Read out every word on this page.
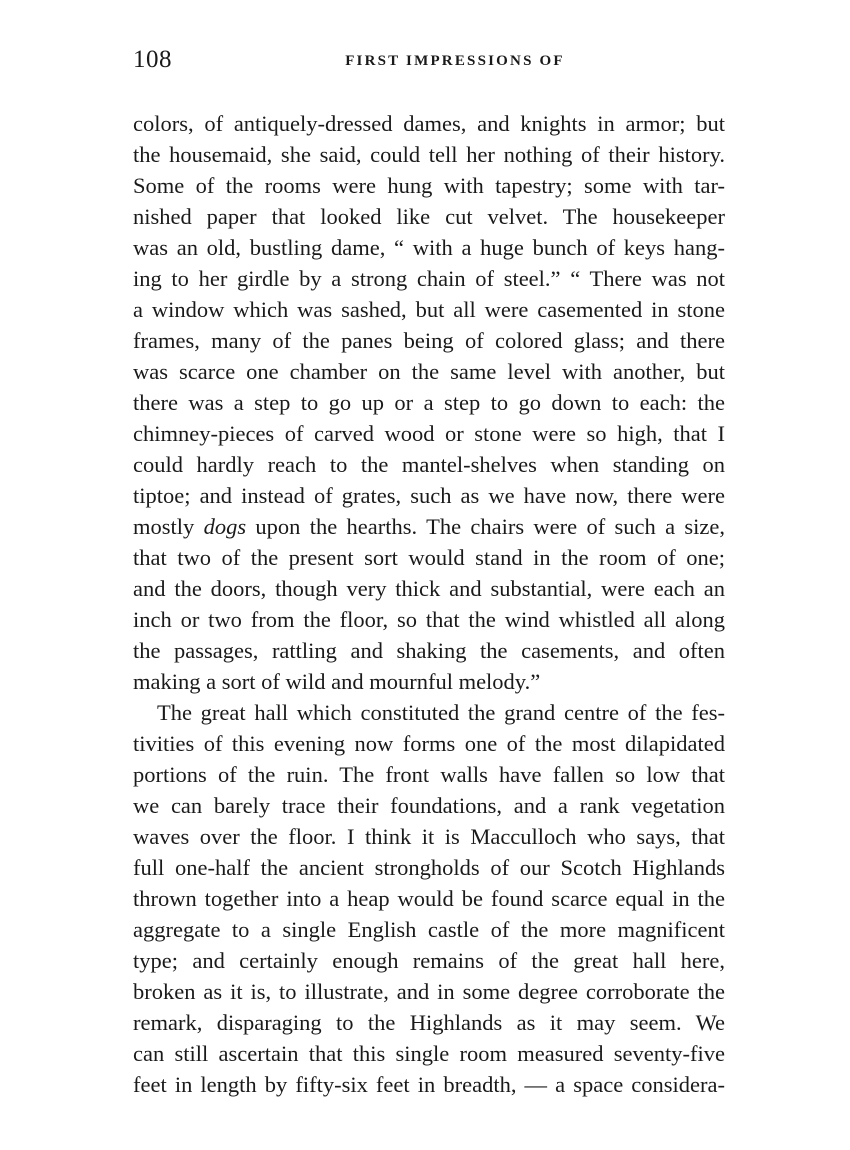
108	FIRST IMPRESSIONS OF
colors, of antiquely-dressed dames, and knights in armor; but
the housemaid, she said, could tell her nothing of their history.
Some of the rooms were hung with tapestry; some with tar-
nished paper that looked like cut velvet. The housekeeper
was an old, bustling dame, “ with a huge bunch of keys hang-
ing to her girdle by a strong chain of steel.” “ There was not
a window which was sashed, but all were casemented in stone
frames, many of the panes being of colored glass; and there
was scarce one chamber on the same level with another, but
there was a step to go up or a step to go down to each: the
chimney-pieces of carved wood or stone were so high, that I
could hardly reach to the mantel-shelves when standing on
tiptoe; and instead of grates, such as we have now, there were
mostly dogs upon the hearths. The chairs were of such a size,
that two of the present sort would stand in the room of one;
and the doors, though very thick and substantial, were each an
inch or two from the floor, so that the wind whistled all along
the passages, rattling and shaking the casements, and often
making a sort of wild and mournful melody.”
The great hall which constituted the grand centre of the fes-
tivities of this evening now forms one of the most dilapidated
portions of the ruin. The front walls have fallen so low that
we can barely trace their foundations, and a rank vegetation
waves over the floor. I think it is Macculloch who says, that
full one-half the ancient strongholds of our Scotch Highlands
thrown together into a heap would be found scarce equal in the
aggregate to a single English castle of the more magnificent
type; and certainly enough remains of the great hall here,
broken as it is, to illustrate, and in some degree corroborate the
remark, disparaging to the Highlands as it may seem. We
can still ascertain that this single room measured seventy-five
feet in length by fifty-six feet in breadth, — a space considera-
